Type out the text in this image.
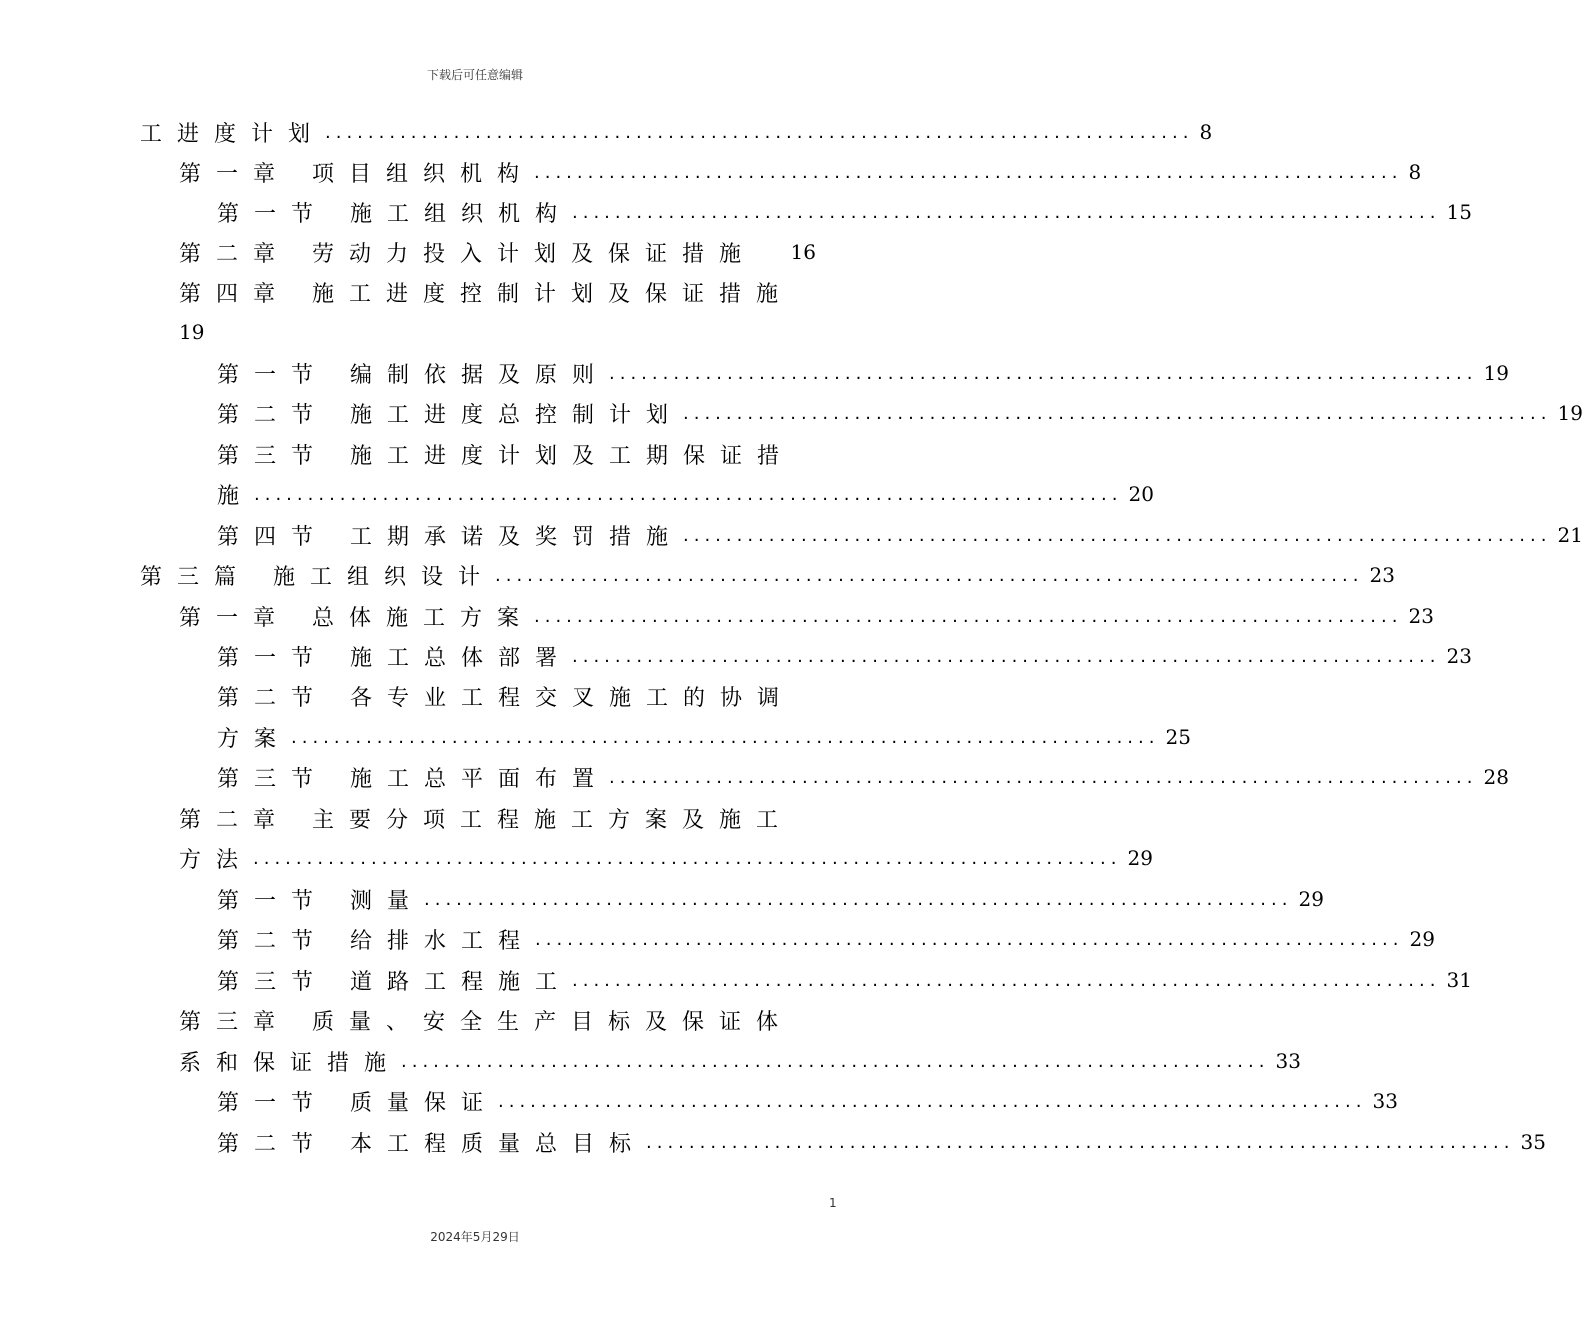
下载后可任意编辑
工进度计划 ................................................................................. 8
第一章 项目组织机构 ................................................................................. 8
第一节 施工组织机构 ................................................................................. 15
第二章 劳动力投入计划及保证措施 16
第四章 施工进度控制计划及保证措施
19
第一节 编制依据及原则 ................................................................................. 19
第二节 施工进度总控制计划 ................................................................................. 19
第三节 施工进度计划及工期保证措
施 ................................................................................. 20
第四节 工期承诺及奖罚措施 ................................................................................. 21
第三篇 施工组织设计 ................................................................................. 23
第一章 总体施工方案 ................................................................................. 23
第一节 施工总体部署 ................................................................................. 23
第二节 各专业工程交叉施工的协调
方案 ................................................................................. 25
第三节 施工总平面布置 ................................................................................. 28
第二章 主要分项工程施工方案及施工
方法 ................................................................................. 29
第一节 测量 ................................................................................. 29
第二节 给排水工程 ................................................................................. 29
第三节 道路工程施工 ................................................................................. 31
第三章 质量、安全生产目标及保证体
系和保证措施 ................................................................................. 33
第一节 质量保证 ................................................................................. 33
第二节 本工程质量总目标 ................................................................................. 35
1
2024年5月29日
